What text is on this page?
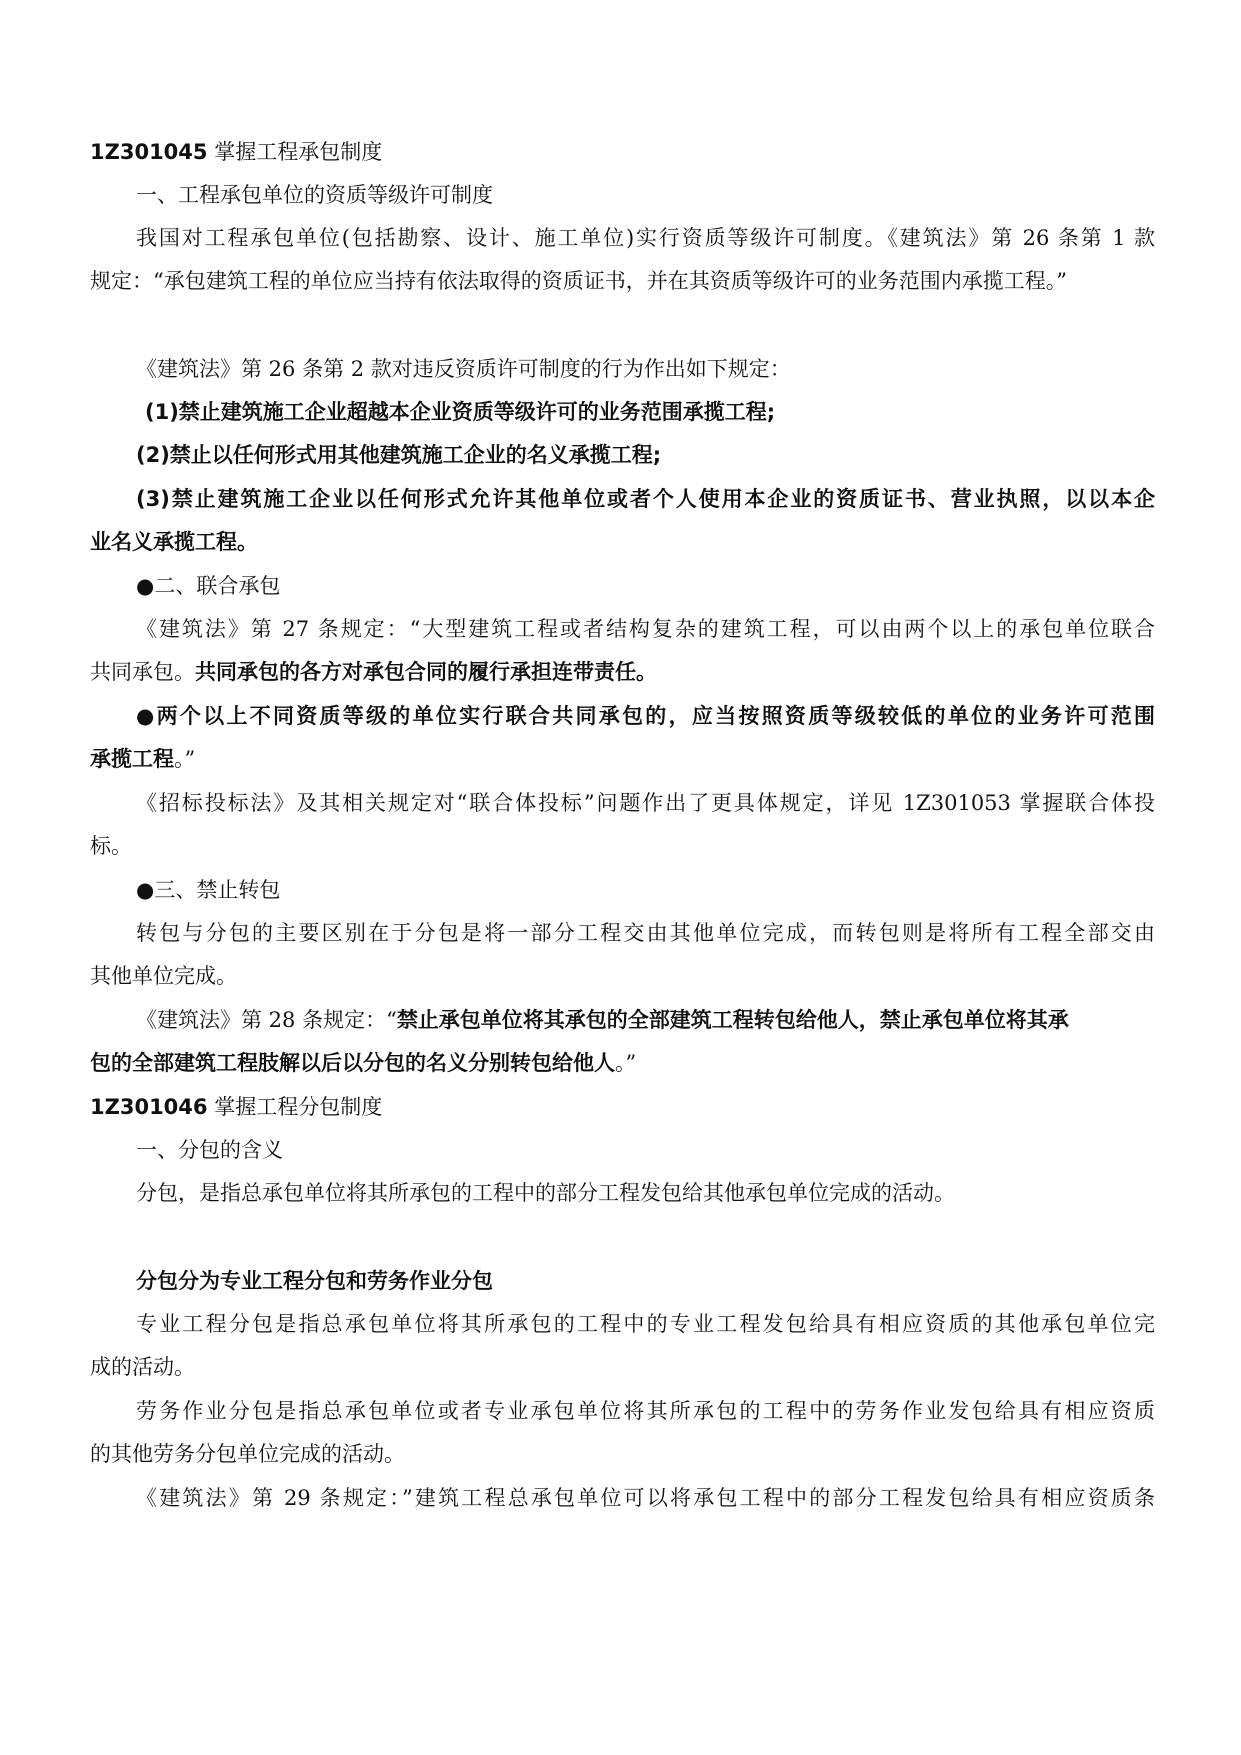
1Z301045 掌握工程承包制度
一、工程承包单位的资质等级许可制度
我国对工程承包单位(包括勘察、设计、施工单位)实行资质等级许可制度。《建筑法》第 26 条第 1 款
规定：“承包建筑工程的单位应当持有依法取得的资质证书，并在其资质等级许可的业务范围内承揽工程。”
《建筑法》第 26 条第 2 款对违反资质许可制度的行为作出如下规定：
(1)禁止建筑施工企业超越本企业资质等级许可的业务范围承揽工程;
(2)禁止以任何形式用其他建筑施工企业的名义承揽工程;
(3)禁止建筑施工企业以任何形式允许其他单位或者个人使用本企业的资质证书、营业执照，以以本企
业名义承揽工程。
●二、联合承包
《建筑法》第 27 条规定：“大型建筑工程或者结构复杂的建筑工程，可以由两个以上的承包单位联合
共同承包。共同承包的各方对承包合同的履行承担连带责任。
●两个以上不同资质等级的单位实行联合共同承包的，应当按照资质等级较低的单位的业务许可范围
承揽工程。”
《招标投标法》及其相关规定对“联合体投标”问题作出了更具体规定，详见 1Z301053 掌握联合体投
标。
●三、禁止转包
转包与分包的主要区别在于分包是将一部分工程交由其他单位完成，而转包则是将所有工程全部交由
其他单位完成。
《建筑法》第 28 条规定：“禁止承包单位将其承包的全部建筑工程转包给他人，禁止承包单位将其承
包的全部建筑工程肢解以后以分包的名义分别转包给他人。”
1Z301046 掌握工程分包制度
一、分包的含义
分包，是指总承包单位将其所承包的工程中的部分工程发包给其他承包单位完成的活动。
分包分为专业工程分包和劳务作业分包
专业工程分包是指总承包单位将其所承包的工程中的专业工程发包给具有相应资质的其他承包单位完
成的活动。
劳务作业分包是指总承包单位或者专业承包单位将其所承包的工程中的劳务作业发包给具有相应资质
的其他劳务分包单位完成的活动。
《建筑法》第 29 条规定：”建筑工程总承包单位可以将承包工程中的部分工程发包给具有相应资质条
